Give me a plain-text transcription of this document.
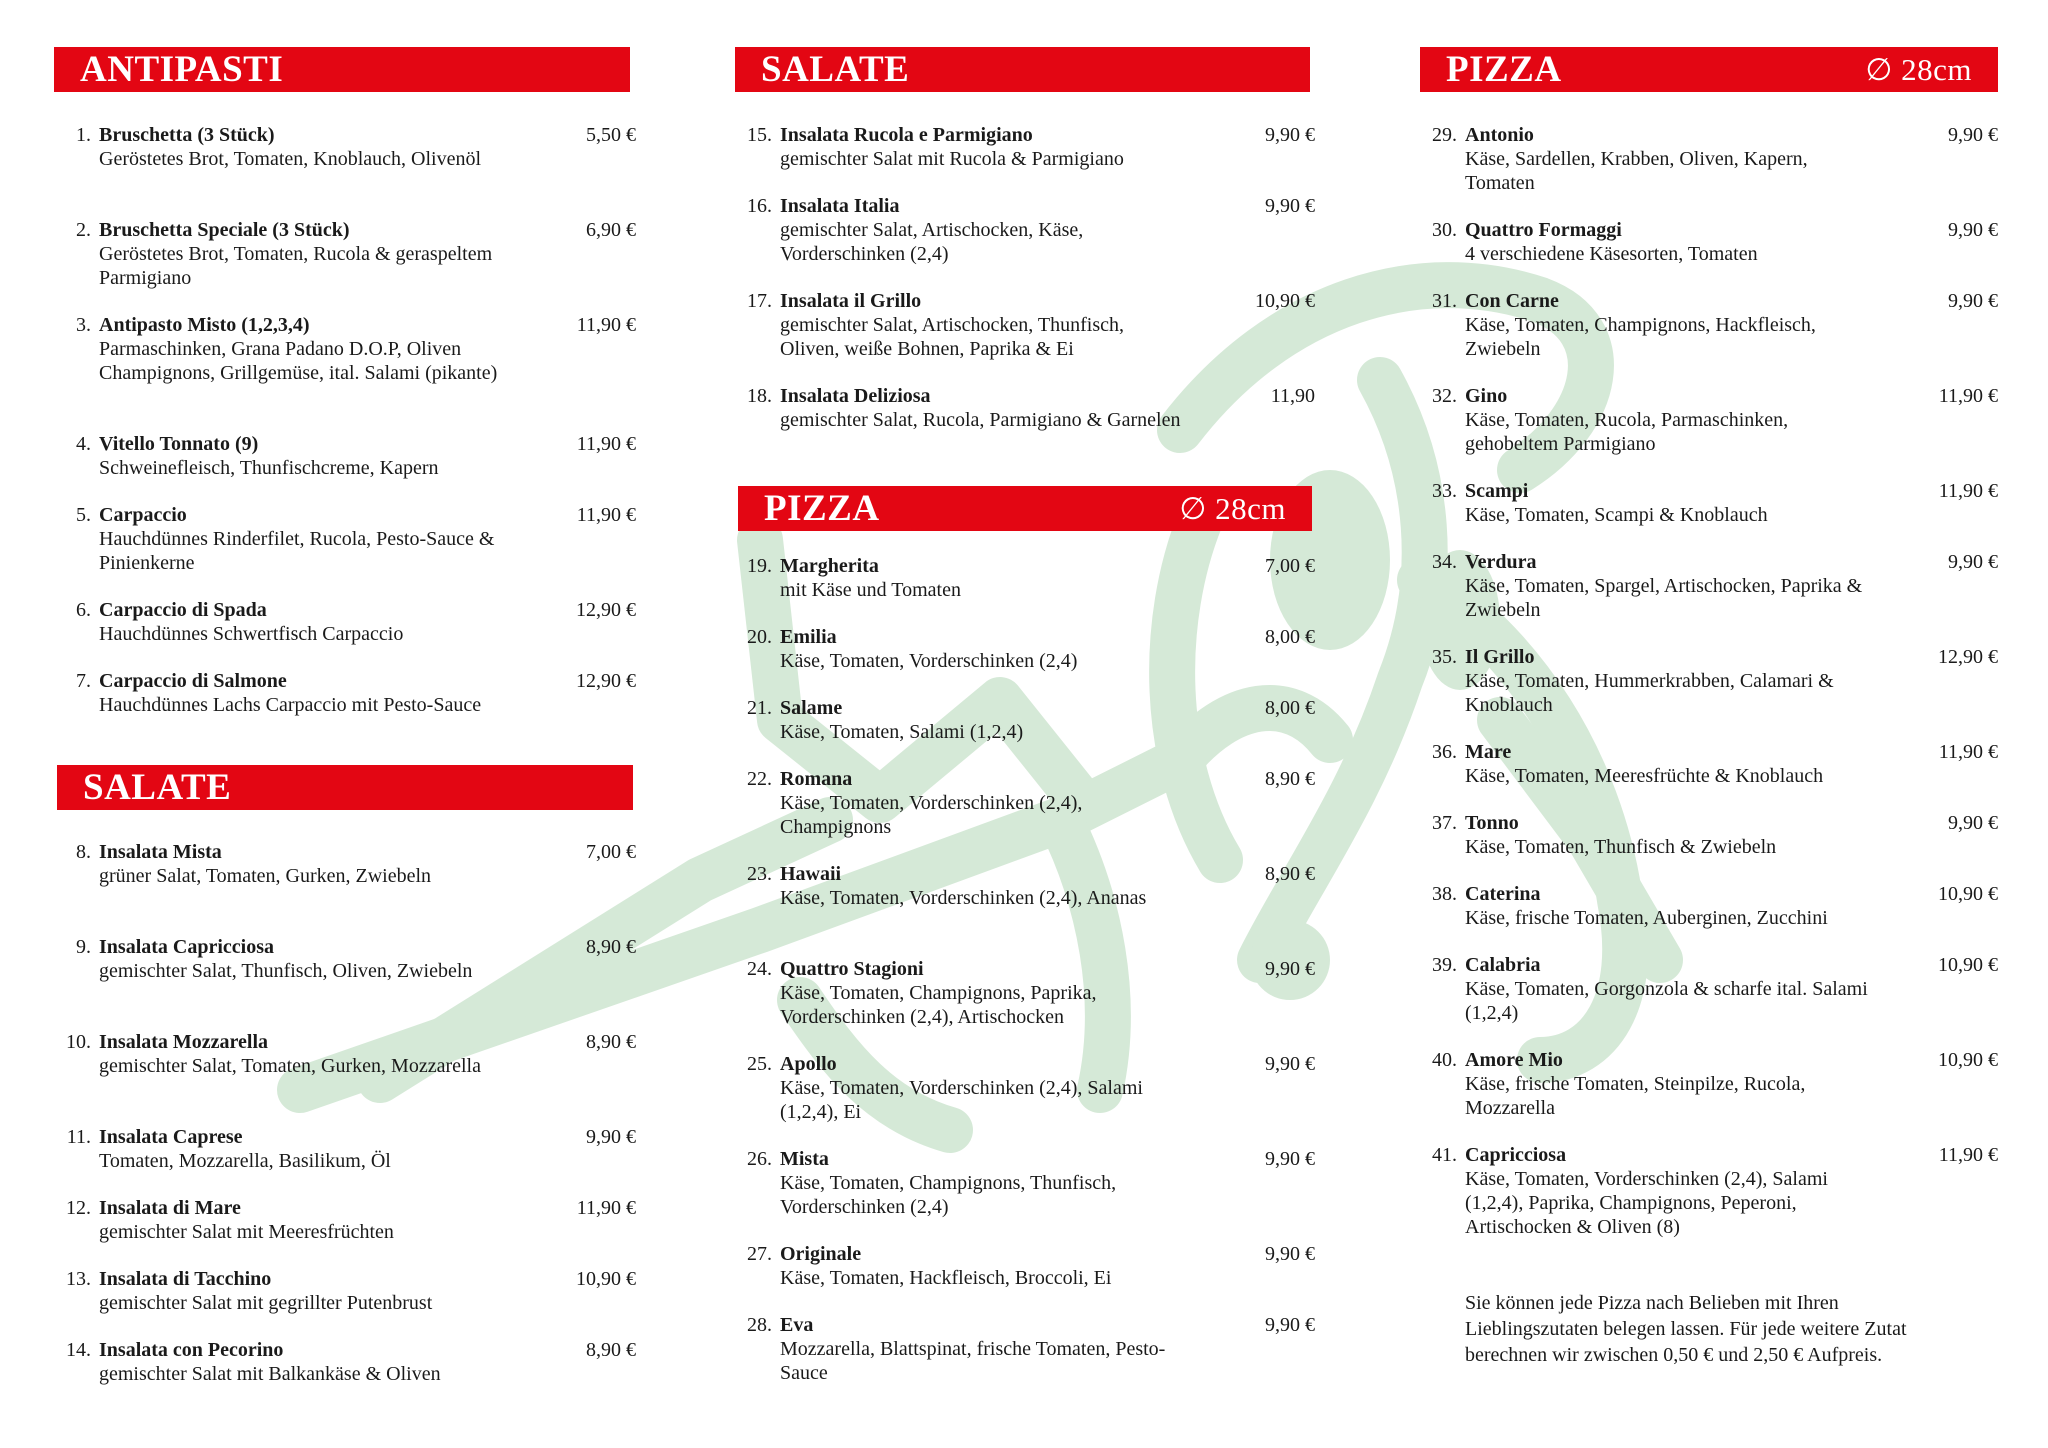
ANTIPASTI
1. Bruschetta (3 Stück)
Geröstetes Brot, Tomaten, Knoblauch, Olivenöl
5,50 €
2. Bruschetta Speciale (3 Stück)
Geröstetes Brot, Tomaten, Rucola & geraspeltem Parmigiano
6,90 €
3. Antipasto Misto (1,2,3,4)
Parmaschinken, Grana Padano D.O.P, Oliven Champignons, Grillgemüse, ital. Salami (pikante)
11,90 €
4. Vitello Tonnato (9)
Schweinefleisch, Thunfischcreme, Kapern
11,90 €
5. Carpaccio
Hauchdünnes Rinderfilet, Rucola, Pesto-Sauce & Pinienkerne
11,90 €
6. Carpaccio di Spada
Hauchdünnes Schwertfisch Carpaccio
12,90 €
7. Carpaccio di Salmone
Hauchdünnes Lachs Carpaccio mit Pesto-Sauce
12,90 €
SALATE
8. Insalata Mista
grüner Salat, Tomaten, Gurken, Zwiebeln
7,00 €
9. Insalata Capricciosa
gemischter Salat, Thunfisch, Oliven, Zwiebeln
8,90 €
10. Insalata Mozzarella
gemischter Salat, Tomaten, Gurken, Mozzarella
8,90 €
11. Insalata Caprese
Tomaten, Mozzarella, Basilikum, Öl
9,90 €
12. Insalata di Mare
gemischter Salat mit Meeresfrüchten
11,90 €
13. Insalata di Tacchino
gemischter Salat mit gegrillter Putenbrust
10,90 €
14. Insalata con Pecorino
gemischter Salat mit Balkankäse & Oliven
8,90 €
SALATE
15. Insalata Rucola e Parmigiano
gemischter Salat mit Rucola & Parmigiano
9,90 €
16. Insalata Italia
gemischter Salat, Artischocken, Käse, Vorderschinken (2,4)
9,90 €
17. Insalata il Grillo
gemischter Salat, Artischocken, Thunfisch, Oliven, weiße Bohnen, Paprika & Ei
10,90 €
18. Insalata Deliziosa
gemischter Salat, Rucola, Parmigiano & Garnelen
11,90
PIZZA	∅ 28cm
19. Margherita
mit Käse und Tomaten
7,00 €
20. Emilia
Käse, Tomaten, Vorderschinken (2,4)
8,00 €
21. Salame
Käse, Tomaten, Salami (1,2,4)
8,00 €
22. Romana
Käse, Tomaten, Vorderschinken (2,4), Champignons
8,90 €
23. Hawaii
Käse, Tomaten, Vorderschinken (2,4), Ananas
8,90 €
24. Quattro Stagioni
Käse, Tomaten, Champignons, Paprika, Vorderschinken (2,4), Artischocken
9,90 €
25. Apollo
Käse, Tomaten, Vorderschinken (2,4), Salami (1,2,4), Ei
9,90 €
26. Mista
Käse, Tomaten, Champignons, Thunfisch, Vorderschinken (2,4)
9,90 €
27. Originale
Käse, Tomaten, Hackfleisch, Broccoli, Ei
9,90 €
28. Eva
Mozzarella, Blattspinat, frische Tomaten, Pesto-Sauce
9,90 €
PIZZA	∅ 28cm
29. Antonio
Käse, Sardellen, Krabben, Oliven, Kapern, Tomaten
9,90 €
30. Quattro Formaggi
4 verschiedene Käsesorten, Tomaten
9,90 €
31. Con Carne
Käse, Tomaten, Champignons, Hackfleisch, Zwiebeln
9,90 €
32. Gino
Käse, Tomaten, Rucola, Parmaschinken, gehobeltem Parmigiano
11,90 €
33. Scampi
Käse, Tomaten, Scampi & Knoblauch
11,90 €
34. Verdura
Käse, Tomaten, Spargel, Artischocken, Paprika & Zwiebeln
9,90 €
35. Il Grillo
Käse, Tomaten, Hummerkrabben, Calamari & Knoblauch
12,90 €
36. Mare
Käse, Tomaten, Meeresfrüchte & Knoblauch
11,90 €
37. Tonno
Käse, Tomaten, Thunfisch & Zwiebeln
9,90 €
38. Caterina
Käse, frische Tomaten, Auberginen, Zucchini
10,90 €
39. Calabria
Käse, Tomaten, Gorgonzola & scharfe ital. Salami (1,2,4)
10,90 €
40. Amore Mio
Käse, frische Tomaten, Steinpilze, Rucola, Mozzarella
10,90 €
41. Capricciosa
Käse, Tomaten, Vorderschinken (2,4), Salami (1,2,4), Paprika, Champignons, Peperoni, Artischocken & Oliven (8)
11,90 €
Sie können jede Pizza nach Belieben mit Ihren Lieblingszutaten belegen lassen. Für jede weitere Zutat berechnen wir zwischen 0,50 € und 2,50 € Aufpreis.
